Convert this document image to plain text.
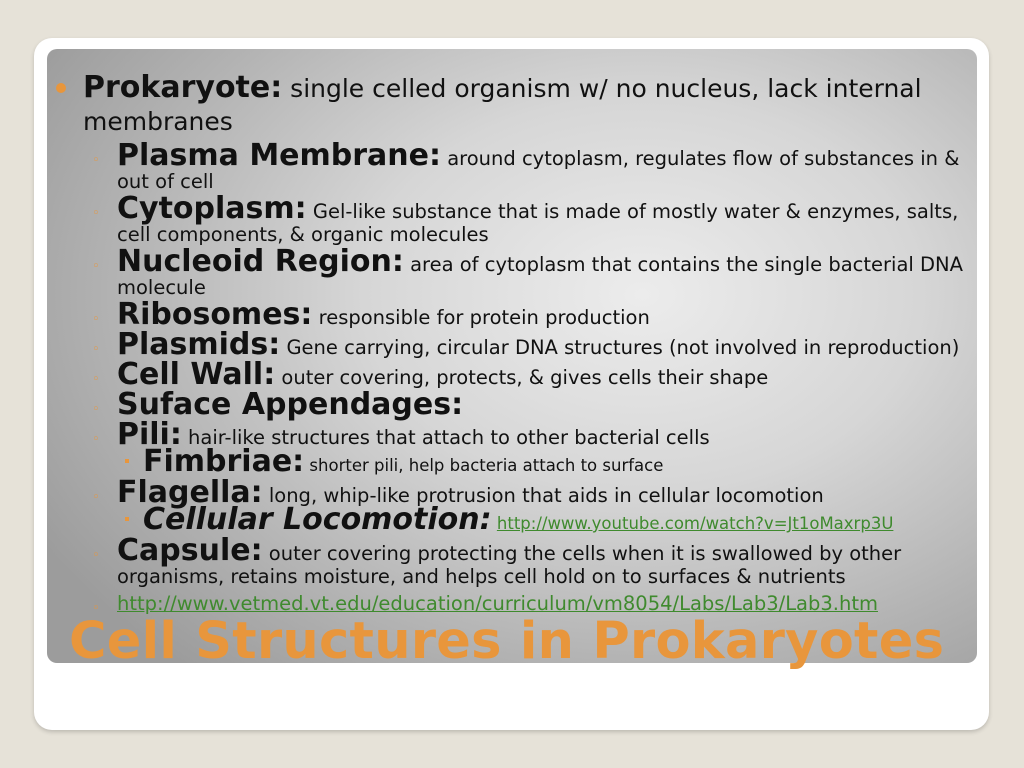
Prokaryote: single celled organism w/ no nucleus, lack internal membranes
◦ Plasma Membrane: around cytoplasm, regulates flow of substances in & out of cell
◦ Cytoplasm: Gel-like substance that is made of mostly water & enzymes, salts, cell components, & organic molecules
◦ Nucleoid Region: area of cytoplasm that contains the single bacterial DNA molecule
◦ Ribosomes: responsible for protein production
◦ Plasmids: Gene carrying, circular DNA structures (not involved in reproduction)
◦ Cell Wall: outer covering, protects, & gives cells their shape
◦ Suface Appendages:
◦ Pili: hair-like structures that attach to other bacterial cells
Fimbriae: shorter pili, help bacteria attach to surface
◦ Flagella: long, whip-like protrusion that aids in cellular locomotion
Cellular Locomotion: http://www.youtube.com/watch?v=Jt1oMaxrp3U
◦ Capsule: outer covering protecting the cells when it is swallowed by other organisms, retains moisture, and helps cell hold on to surfaces & nutrients
◦ http://www.vetmed.vt.edu/education/curriculum/vm8054/Labs/Lab3/Lab3.htm
Cell Structures in Prokaryotes
